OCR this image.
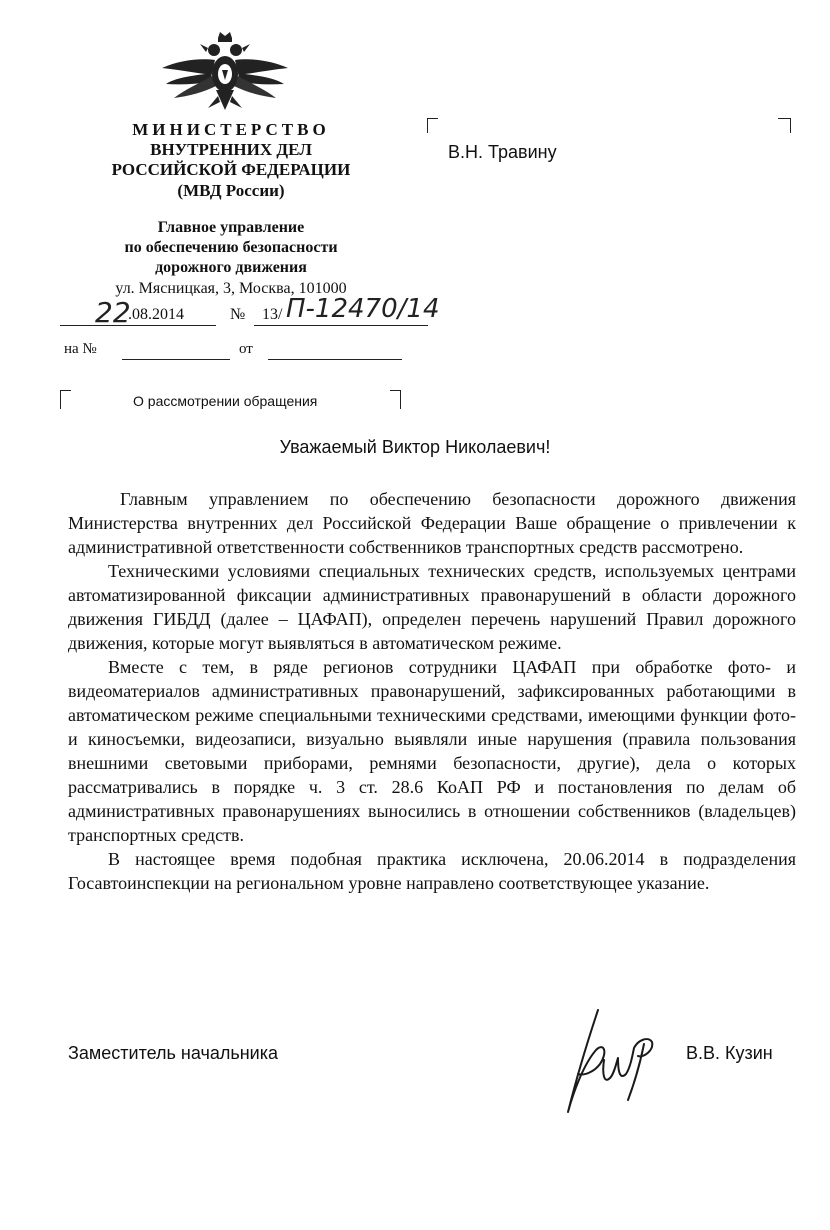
МИНИСТЕРСТВО
ВНУТРЕННИХ ДЕЛ
РОССИЙСКОЙ ФЕДЕРАЦИИ
(МВД России)
Главное управление
по обеспечению безопасности
дорожного движения
ул. Мясницкая, 3, Москва, 101000
22
.08.2014	№ 13/ П-12470/14
на №	от
В.Н. Травину
О рассмотрении обращения
Уважаемый Виктор Николаевич!

Главным управлением по обеспечению безопасности дорожного движения Министерства внутренних дел Российской Федерации Ваше обращение о привлечении к административной ответственности собственников транспортных средств рассмотрено.

Техническими условиями специальных технических средств, используемых центрами автоматизированной фиксации административных правонарушений в области дорожного движения ГИБДД (далее – ЦАФАП), определен перечень нарушений Правил дорожного движения, которые могут выявляться в автоматическом режиме.

Вместе с тем, в ряде регионов сотрудники ЦАФАП при обработке фото- и видеоматериалов административных правонарушений, зафиксированных работающими в автоматическом режиме специальными техническими средствами, имеющими функции фото- и киносъемки, видеозаписи, визуально выявляли иные нарушения (правила пользования внешними световыми приборами, ремнями безопасности, другие), дела о которых рассматривались в порядке ч. 3 ст. 28.6 КоАП РФ и постановления по делам об административных правонарушениях выносились в отношении собственников (владельцев) транспортных средств.

В настоящее время подобная практика исключена, 20.06.2014 в подразделения Госавтоинспекции на региональном уровне направлено соответствующее указание.

Заместитель начальника	В.В. Кузин
